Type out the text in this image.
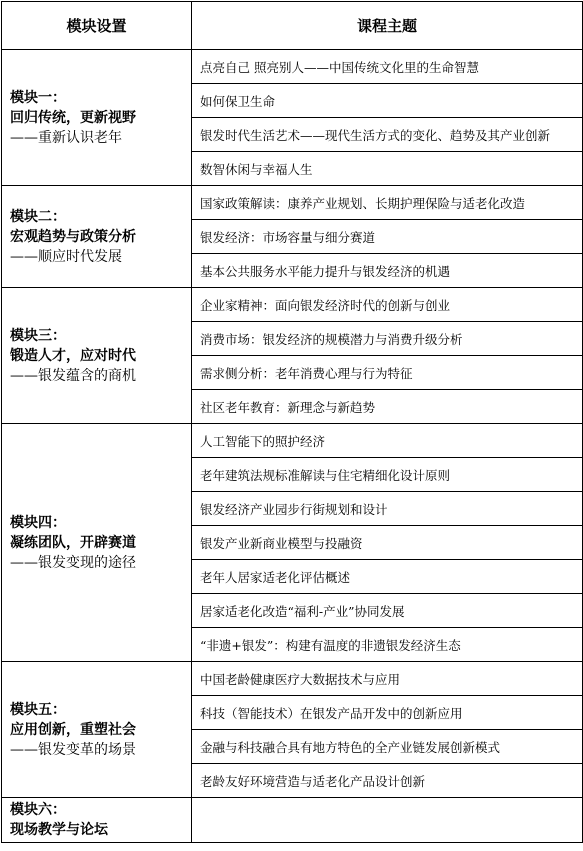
模块设置	课程主题

模块一：
回归传统，更新视野
——重新认识老年	点亮自己 照亮别人——中国传统文化里的生命智慧
	如何保卫生命
	银发时代生活艺术——现代生活方式的变化、趋势及其产业创新
	数智休闲与幸福人生

模块二：
宏观趋势与政策分析
——顺应时代发展	国家政策解读：康养产业规划、长期护理保险与适老化改造
	银发经济：市场容量与细分赛道
	基本公共服务水平能力提升与银发经济的机遇

模块三：
锻造人才，应对时代
——银发蕴含的商机	企业家精神：面向银发经济时代的创新与创业
	消费市场：银发经济的规模潜力与消费升级分析
	需求侧分析：老年消费心理与行为特征
	社区老年教育：新理念与新趋势

模块四：
凝练团队，开辟赛道
——银发变现的途径	人工智能下的照护经济
	老年建筑法规标准解读与住宅精细化设计原则
	银发经济产业园步行街规划和设计
	银发产业新商业模型与投融资
	老年人居家适老化评估概述
	居家适老化改造“福利-产业”协同发展
	“非遗+银发”：构建有温度的非遗银发经济生态

模块五：
应用创新，重塑社会
——银发变革的场景	中国老龄健康医疗大数据技术与应用
	科技（智能技术）在银发产品开发中的创新应用
	金融与科技融合具有地方特色的全产业链发展创新模式
	老龄友好环境营造与适老化产品设计创新

模块六：
现场教学与论坛	
